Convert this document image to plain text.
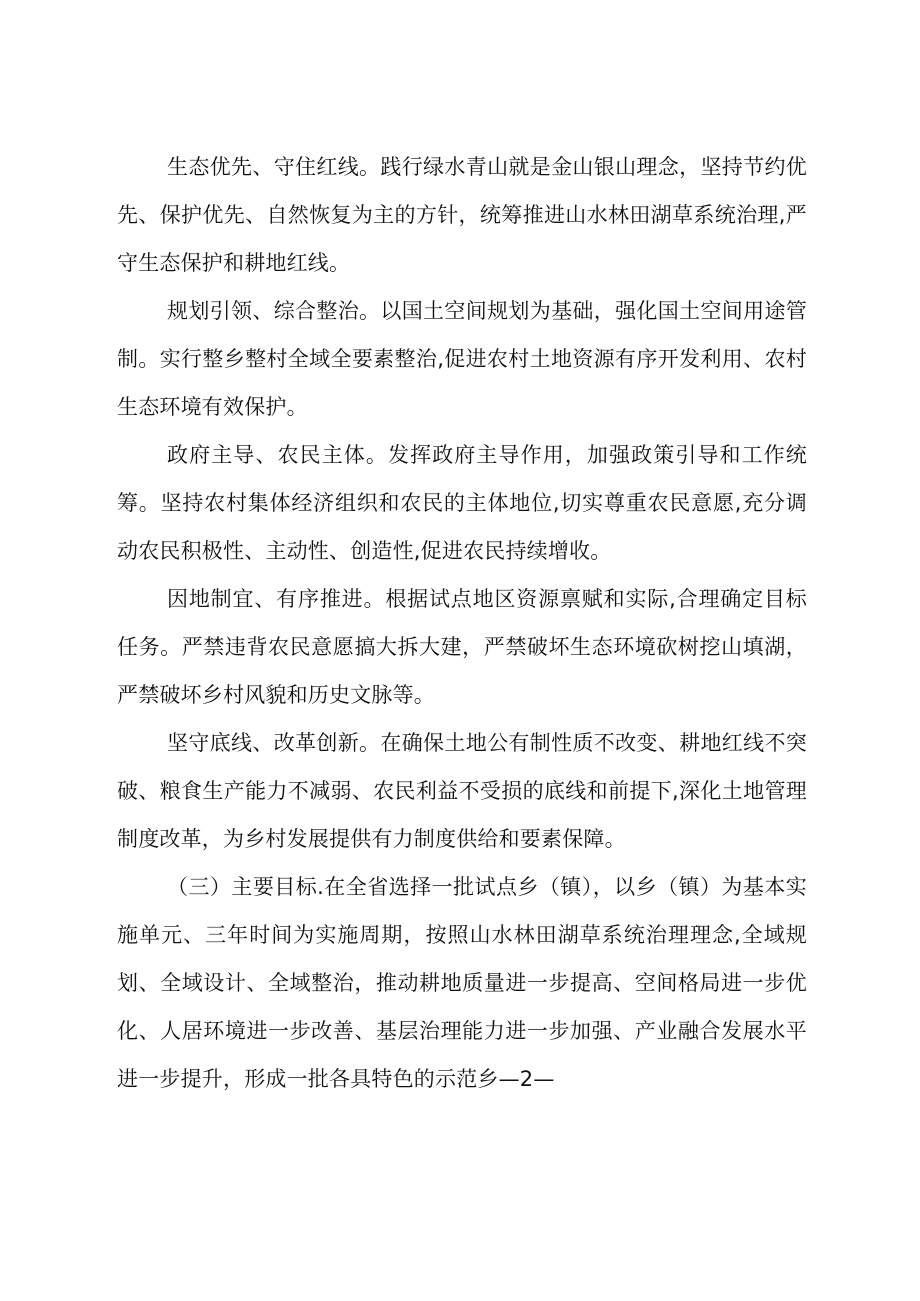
生态优先、守住红线。践行绿水青山就是金山银山理念，坚持节约优先、保护优先、自然恢复为主的方针，统筹推进山水林田湖草系统治理,严守生态保护和耕地红线。

规划引领、综合整治。以国土空间规划为基础，强化国土空间用途管制。实行整乡整村全域全要素整治,促进农村土地资源有序开发利用、农村生态环境有效保护。

政府主导、农民主体。发挥政府主导作用，加强政策引导和工作统筹。坚持农村集体经济组织和农民的主体地位,切实尊重农民意愿,充分调动农民积极性、主动性、创造性,促进农民持续增收。

因地制宜、有序推进。根据试点地区资源禀赋和实际,合理确定目标任务。严禁违背农民意愿搞大拆大建，严禁破坏生态环境砍树挖山填湖，严禁破坏乡村风貌和历史文脉等。

坚守底线、改革创新。在确保土地公有制性质不改变、耕地红线不突破、粮食生产能力不减弱、农民利益不受损的底线和前提下,深化土地管理制度改革，为乡村发展提供有力制度供给和要素保障。

（三）主要目标.在全省选择一批试点乡（镇），以乡（镇）为基本实施单元、三年时间为实施周期，按照山水林田湖草系统治理理念,全域规划、全域设计、全域整治，推动耕地质量进一步提高、空间格局进一步优化、人居环境进一步改善、基层治理能力进一步加强、产业融合发展水平进一步提升，形成一批各具特色的示范乡—2—
